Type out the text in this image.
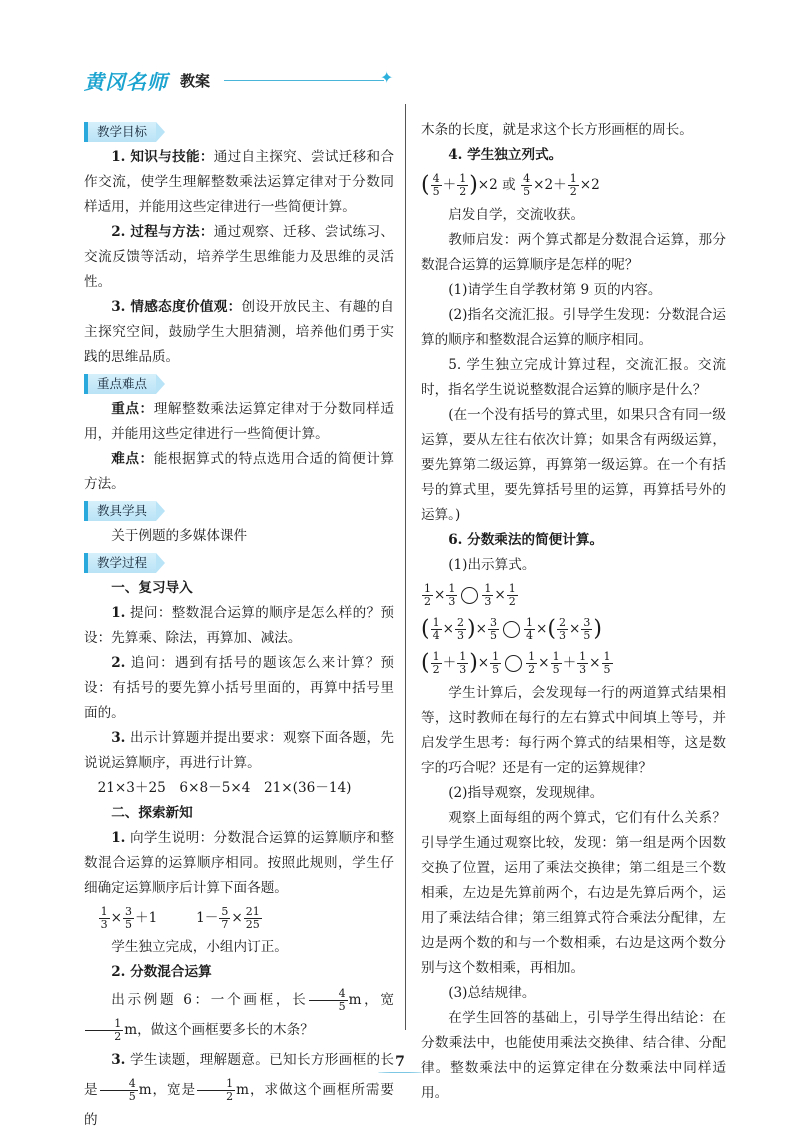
黄冈名师 教案	✦
教学目标

1. 知识与技能：通过自主探究、尝试迁移和合作交流，使学生理解整数乘法运算定律对于分数同样适用，并能用这些定律进行一些简便计算。

2. 过程与方法：通过观察、迁移、尝试练习、交流反馈等活动，培养学生思维能力及思维的灵活性。

3. 情感态度价值观：创设开放民主、有趣的自主探究空间，鼓励学生大胆猜测，培养他们勇于实践的思维品质。

重点难点

重点：理解整数乘法运算定律对于分数同样适用，并能用这些定律进行一些简便计算。

难点：能根据算式的特点选用合适的简便计算方法。

教具学具

关于例题的多媒体课件

教学过程

一、复习导入

1. 提问：整数混合运算的顺序是怎么样的？预设：先算乘、除法，再算加、减法。

2. 追问：遇到有括号的题该怎么来计算？预设：有括号的要先算小括号里面的，再算中括号里面的。

3. 出示计算题并提出要求：观察下面各题，先说说运算顺序，再进行计算。

21×3＋25　6×8－5×4　21×(36－14)

二、探索新知

1. 向学生说明：分数混合运算的运算顺序和整数混合运算的运算顺序相同。按照此规则，学生仔细确定运算顺序后计算下面各题。

$\frac{1}{3} \times \frac{3}{5} +1$         $1- \frac{5}{7} \times \frac{21}{25}$

学生独立完成，小组内订正。

2. 分数混合运算

出示例题 6：一个画框，长 $\frac{4}{5}$ m，宽
$\frac{1}{2}$ m，做这个画框要多长的木条？

3. 学生读题，理解题意。已知长方形画框的长是 $\frac{4}{5}$ m，宽是 $\frac{1}{2}$ m，求做这个画框所需要的

木条的长度，就是求这个长方形画框的周长。

4. 学生独立列式。

( $\frac{4}{5} + \frac{1}{2} )\times 2$ 或 $\frac{4}{5} \times 2+ \frac{1}{2} \times 2$

启发自学，交流收获。

教师启发：两个算式都是分数混合运算，那分数混合运算的运算顺序是怎样的呢？

(1)请学生自学教材第 9 页的内容。

(2)指名交流汇报。引导学生发现：分数混合运算的顺序和整数混合运算的顺序相同。

5. 学生独立完成计算过程，交流汇报。交流时，指名学生说说整数混合运算的顺序是什么？

(在一个没有括号的算式里，如果只含有同一级运算，要从左往右依次计算；如果含有两级运算，要先算第二级运算，再算第一级运算。在一个有括号的算式里，要先算括号里的运算，再算括号外的运算。)

6. 分数乘法的简便计算。

(1)出示算式。

$\frac{1}{2} \times \frac{1}{3} \frac{1}{3} \times \frac{1}{2}$
( $\frac{1}{4} \times \frac{2}{3}$ )× $\frac{3}{5} \frac{1}{4}$ ×( $\frac{2}{3} \times \frac{3}{5}$ )
( $\frac{1}{2} + \frac{1}{3}$ )× $\frac{1}{5} \frac{1}{2} \times \frac{1}{5} + \frac{1}{3} \times \frac{1}{5}$

学生计算后，会发现每一行的两道算式结果相等，这时教师在每行的左右算式中间填上等号，并启发学生思考：每行两个算式的结果相等，这是数字的巧合呢？还是有一定的运算规律？

(2)指导观察，发现规律。

观察上面每组的两个算式，它们有什么关系？引导学生通过观察比较，发现：第一组是两个因数交换了位置，运用了乘法交换律；第二组是三个数相乘，左边是先算前两个，右边是先算后两个，运用了乘法结合律；第三组算式符合乘法分配律，左边是两个数的和与一个数相乘，右边是这两个数分别与这个数相乘，再相加。

(3)总结规律。

在学生回答的基础上，引导学生得出结论：在分数乘法中，也能使用乘法交换律、结合律、分配律。整数乘法中的运算定律在分数乘法中同样适用。

7
